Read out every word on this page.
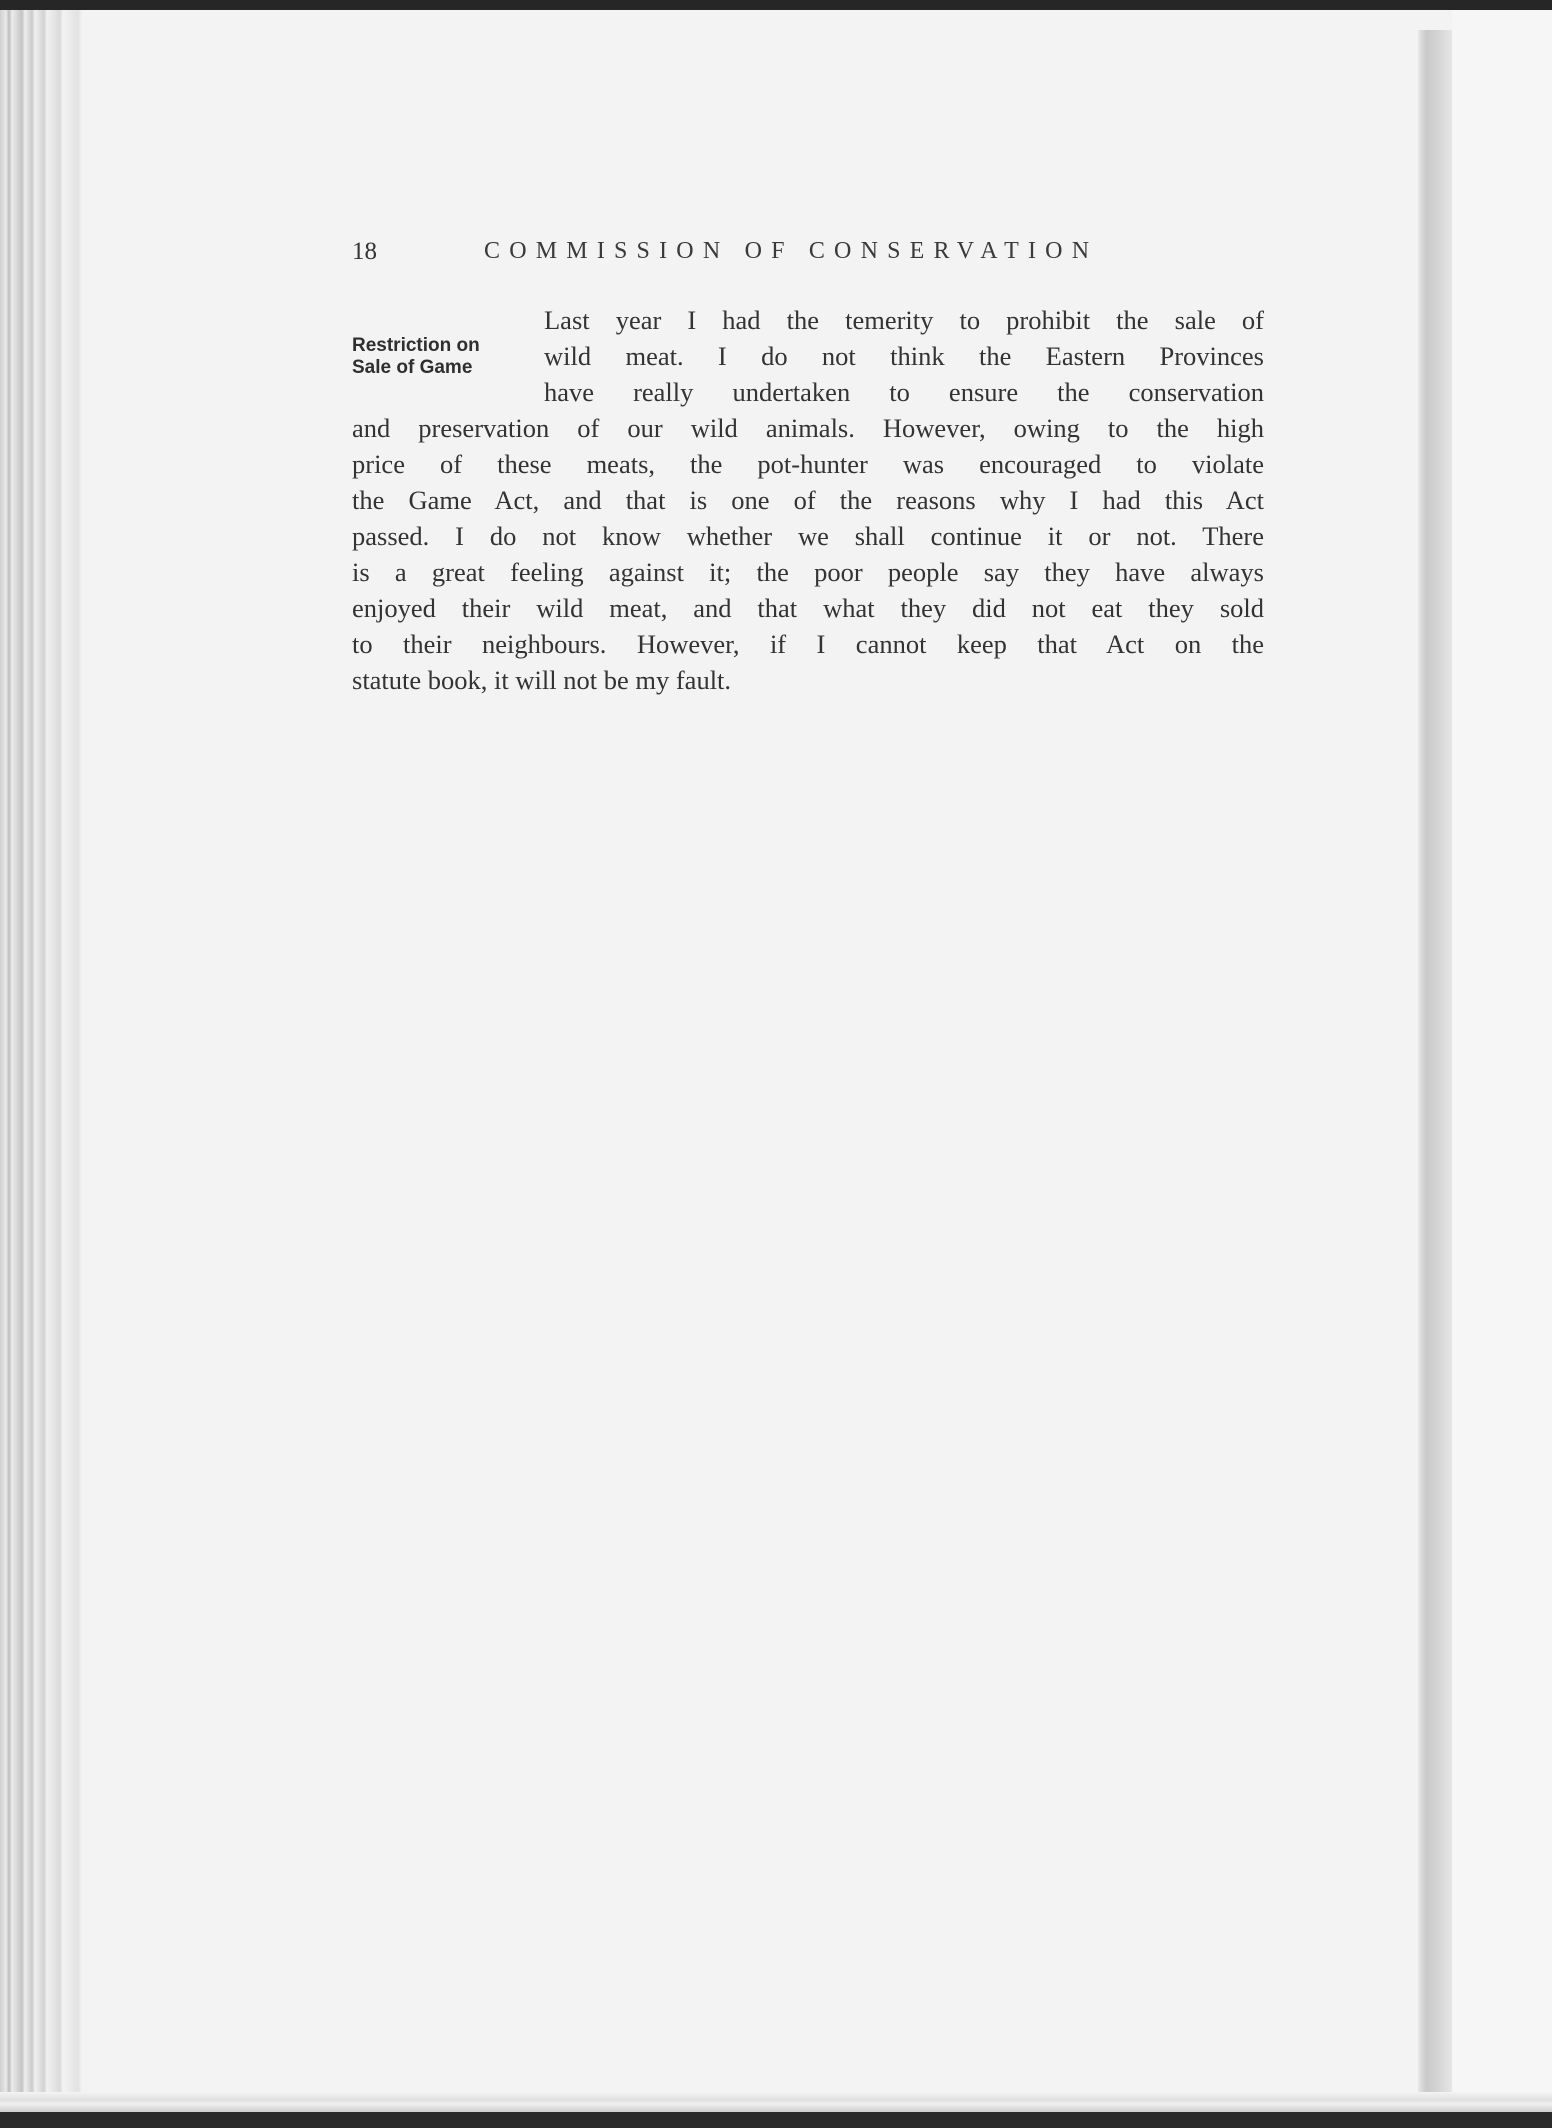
18	COMMISSION OF CONSERVATION
Restriction on
Sale of Game
Last year I had the temerity to prohibit the sale of
wild meat. I do not think the Eastern Provinces
have really undertaken to ensure the conservation
and preservation of our wild animals. However, owing to the high
price of these meats, the pot-hunter was encouraged to violate
the Game Act, and that is one of the reasons why I had this Act
passed. I do not know whether we shall continue it or not. There
is a great feeling against it; the poor people say they have always
enjoyed their wild meat, and that what they did not eat they sold
to their neighbours. However, if I cannot keep that Act on the
statute book, it will not be my fault.
